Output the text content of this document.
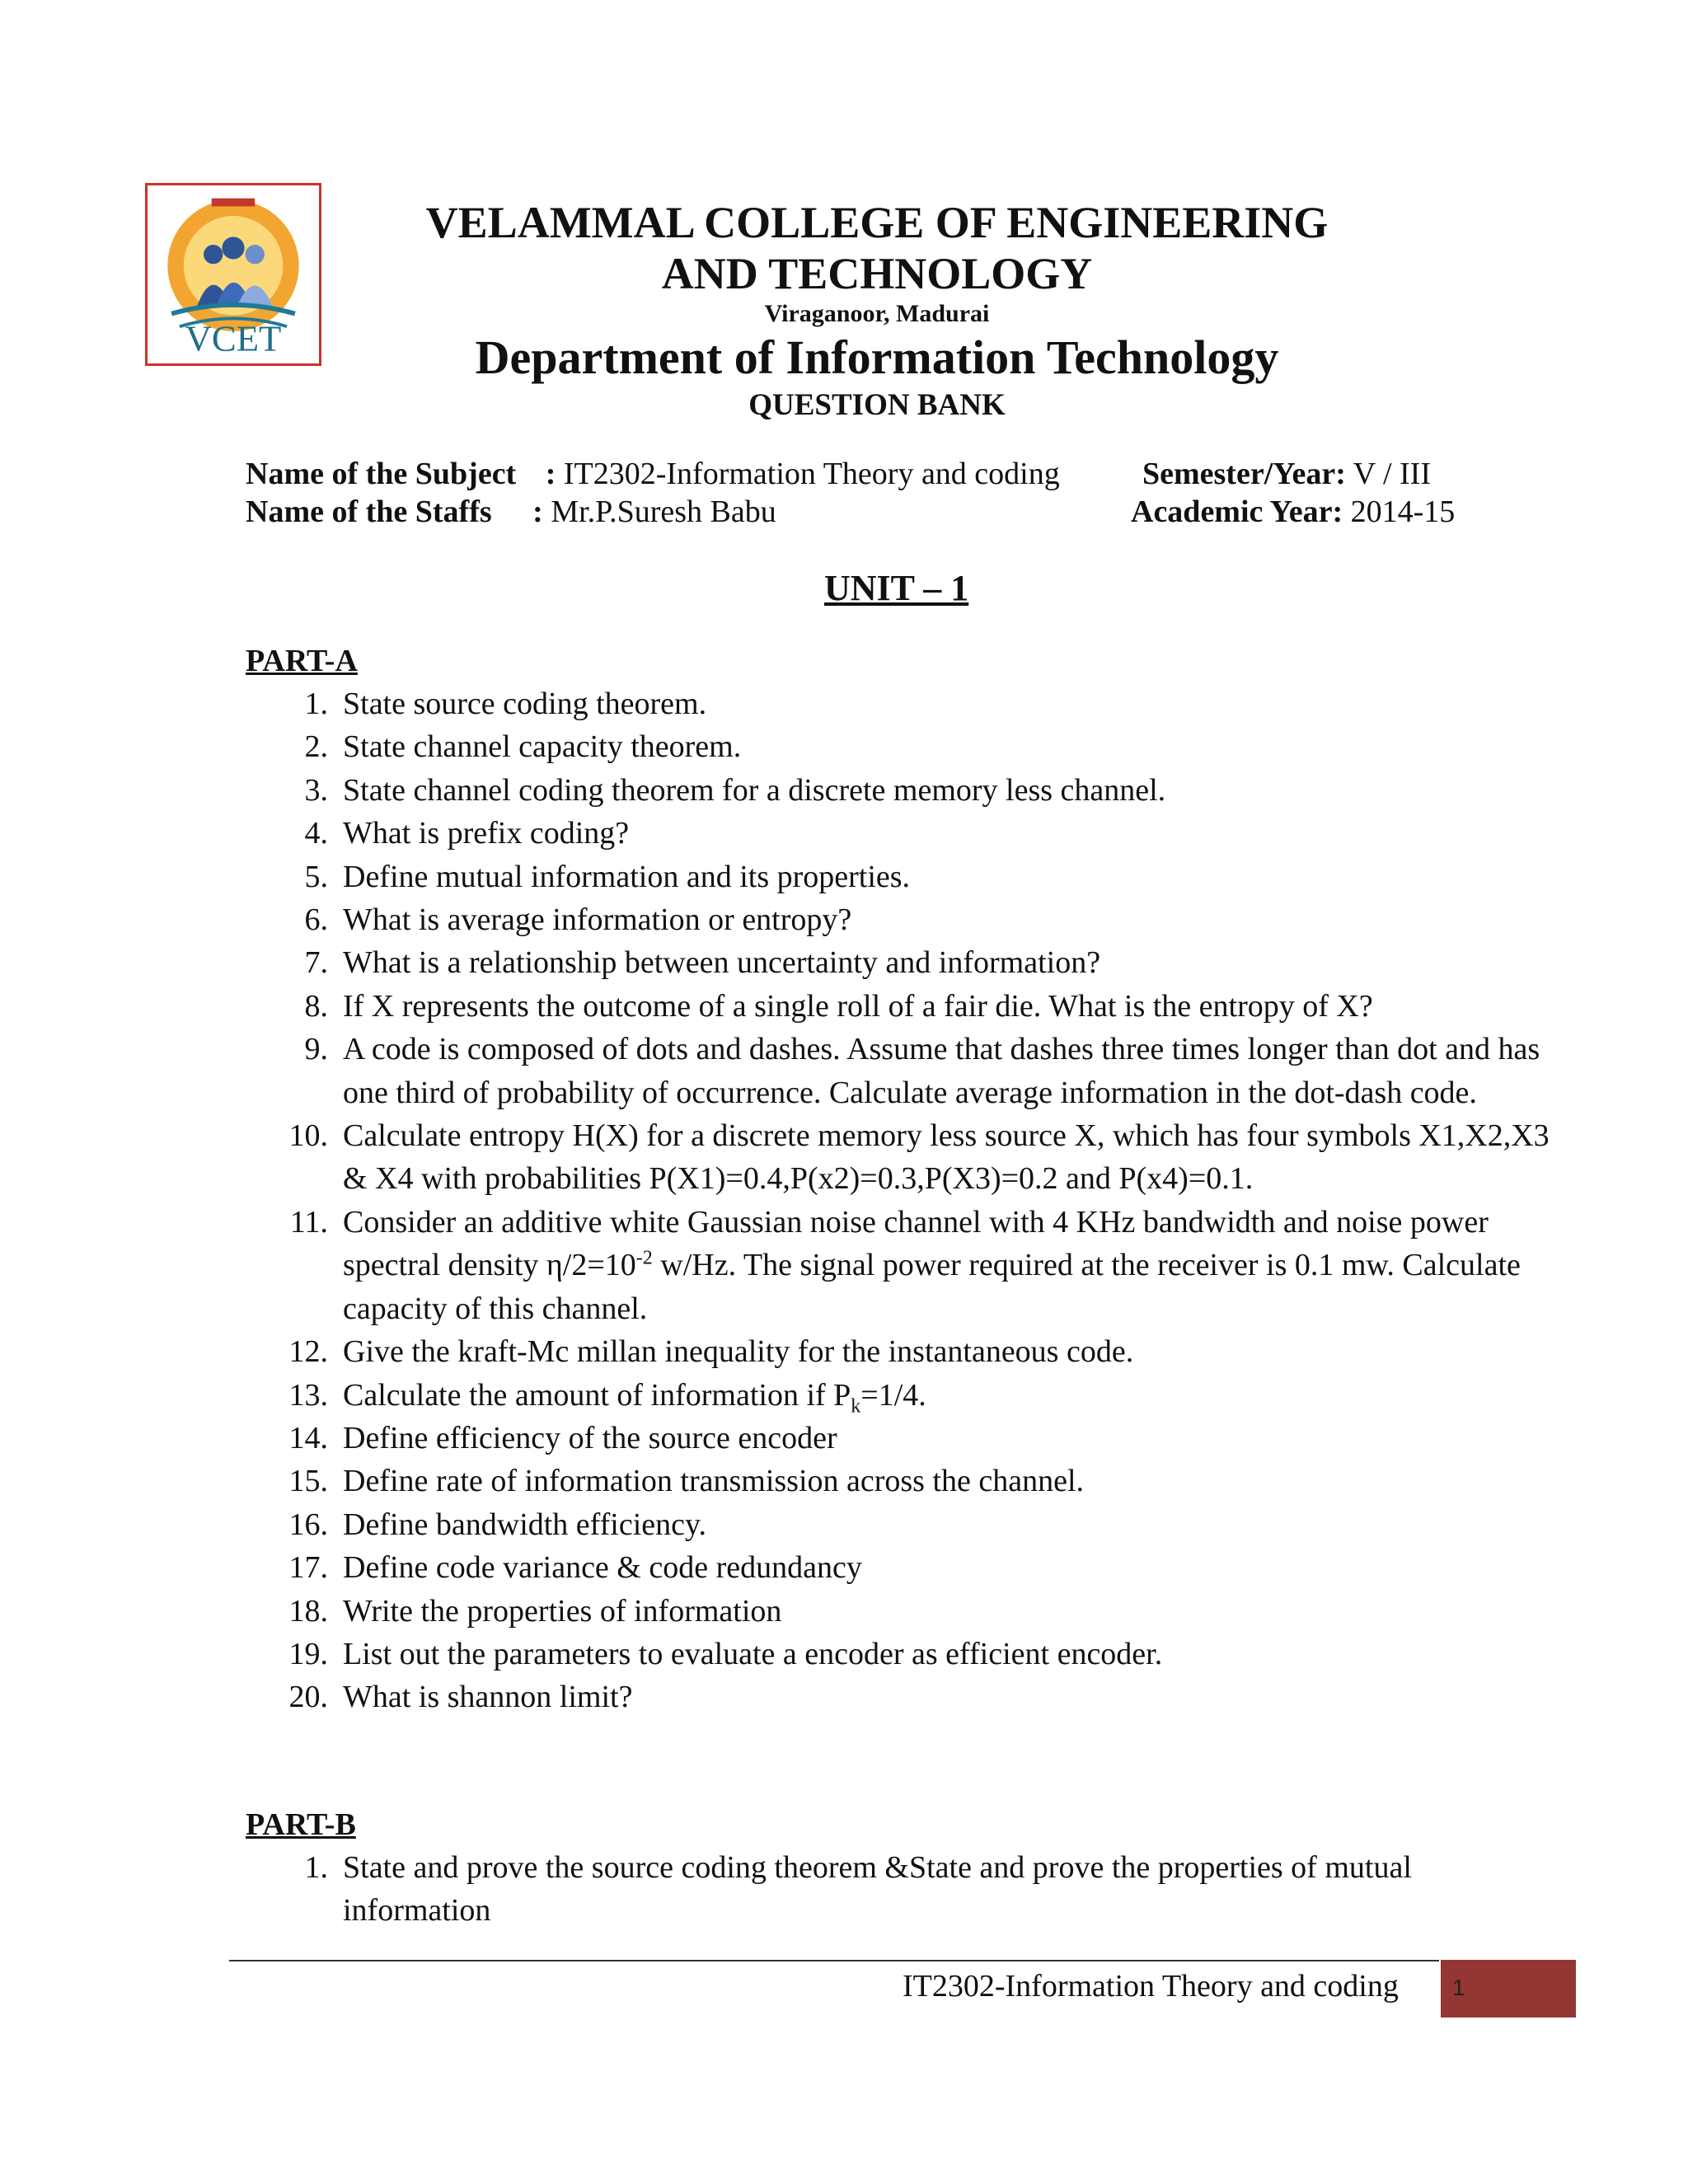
VCET
VELAMMAL COLLEGE OF ENGINEERING
AND TECHNOLOGY
Viraganoor, Madurai
Department of Information Technology
QUESTION BANK
Name of the Subject : IT2302-Information Theory and coding
Name of the Staffs : Mr.P.Suresh Babu
Semester/Year: V / III
Academic Year: 2014-15
UNIT – 1
PART-A
1. State source coding theorem.
2. State channel capacity theorem.
3. State channel coding theorem for a discrete memory less channel.
4. What is prefix coding?
5. Define mutual information and its properties.
6. What is average information or entropy?
7. What is a relationship between uncertainty and information?
8. If X represents the outcome of a single roll of a fair die. What is the entropy of X?
9. A code is composed of dots and dashes. Assume that dashes three times longer than dot and has one third of probability of occurrence. Calculate average information in the dot-dash code.
10. Calculate entropy H(X) for a discrete memory less source X, which has four symbols X1,X2,X3 & X4 with probabilities P(X1)=0.4,P(x2)=0.3,P(X3)=0.2 and P(x4)=0.1.
11. Consider an additive white Gaussian noise channel with 4 KHz bandwidth and noise power spectral density $\eta/2=10^{-2}$ w/Hz. The signal power required at the receiver is 0.1 mw. Calculate capacity of this channel.
12. Give the kraft-Mc millan inequality for the instantaneous code.
13. Calculate the amount of information if $P_k=1/4$.
14. Define efficiency of the source encoder
15. Define rate of information transmission across the channel.
16. Define bandwidth efficiency.
17. Define code variance & code redundancy
18. Write the properties of information
19. List out the parameters to evaluate a encoder as efficient encoder.
20. What is shannon limit?
PART-B
1. State and prove the source coding theorem &State and prove the properties of mutual information
IT2302-Information Theory and coding 1
